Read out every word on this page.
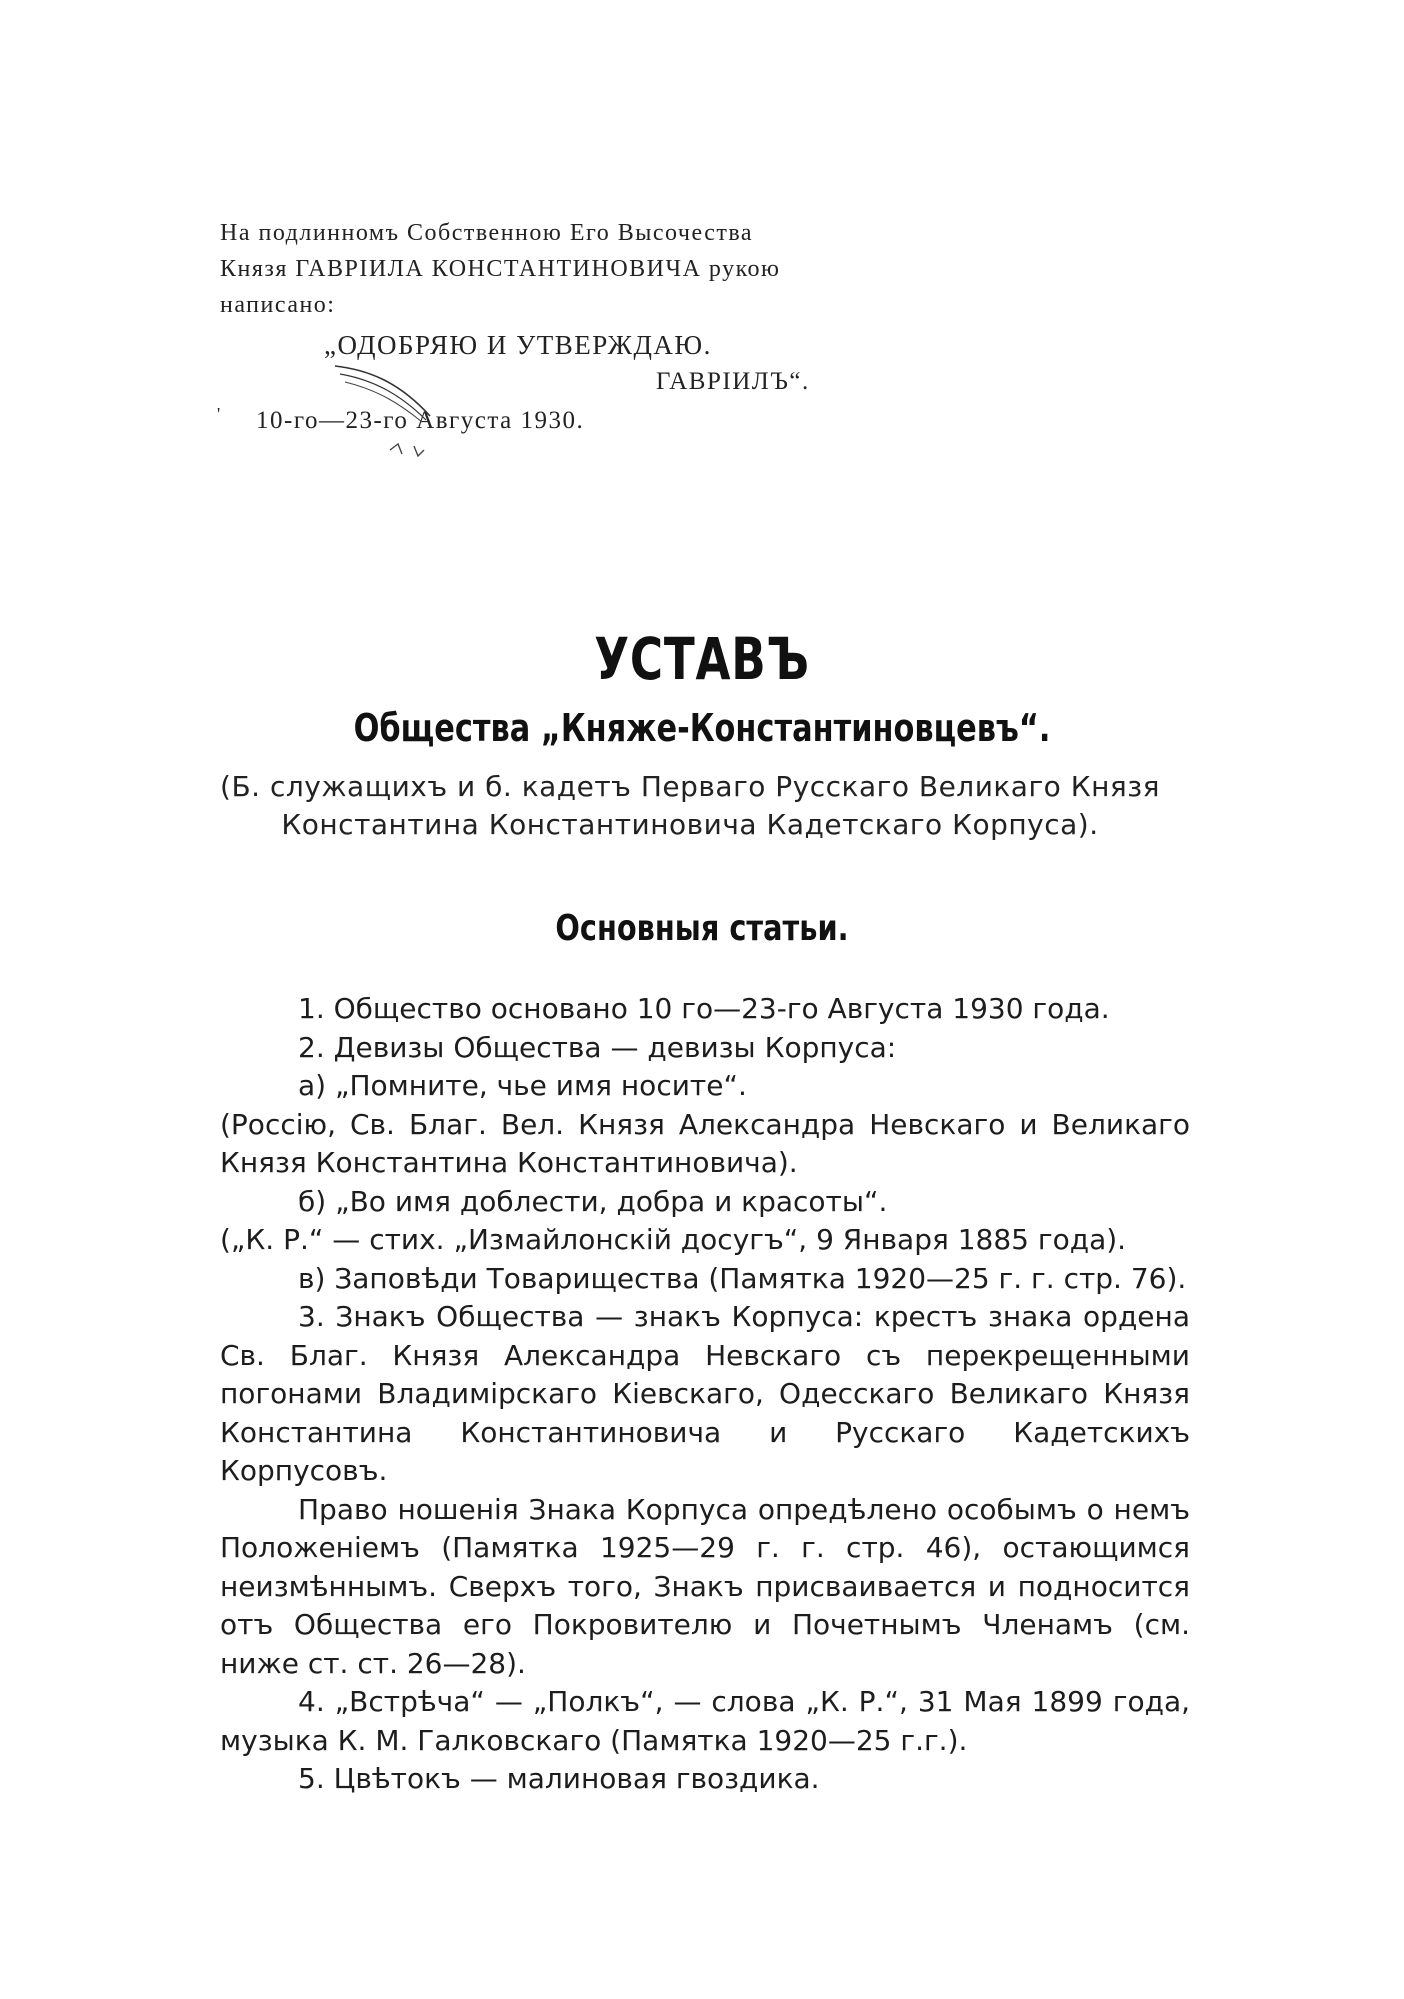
На подлинномъ Собственною Его Высочества
Князя ГАВРІИЛА КОНСТАНТИНОВИЧА рукою
написано:
„ОДОБРЯЮ И УТВЕРЖДАЮ.
ГАВРІИЛЪ“.
' 10-го—23-го Августа 1930.
УСТАВЪ
Общества „Княже-Константиновцевъ“.
(Б. служащихъ и б. кадетъ Перваго Русскаго Великаго Князя
Константина Константиновича Кадетскаго Корпуса).
Основныя статьи.

1. Общество основано 10 го—23-го Августа 1930 года.

2. Девизы Общества — девизы Корпуса:

а) „Помните, чье имя носите“.

(Россію, Св. Благ. Вел. Князя Александра Невскаго и Великаго Князя Константина Константиновича).

б) „Во имя доблести, добра и красоты“.

(„К. Р.“ — стих. „Измайлонскій досугъ“, 9 Января 1885 года).

в) Заповѣди Товарищества (Памятка 1920—25 г. г. стр. 76).

3. Знакъ Общества — знакъ Корпуса: крестъ знака ордена Св. Благ. Князя Александра Невскаго съ перекрещенными погонами Владимірскаго Кіевскаго, Одесскаго Великаго Князя Константина Константиновича и Русскаго Кадетскихъ Корпусовъ.

Право ношенія Знака Корпуса опредѣлено особымъ о немъ Положеніемъ (Памятка 1925—29 г. г. стр. 46), остающимся неизмѣннымъ. Сверхъ того, Знакъ присваивается и подносится отъ Общества его Покровителю и Почетнымъ Членамъ (см. ниже ст. ст. 26—28).

4. „Встрѣча“ — „Полкъ“, — слова „К. Р.“, 31 Мая 1899 года, музыка К. М. Галковскаго (Памятка 1920—25 г.г.).

5. Цвѣтокъ — малиновая гвоздика.
